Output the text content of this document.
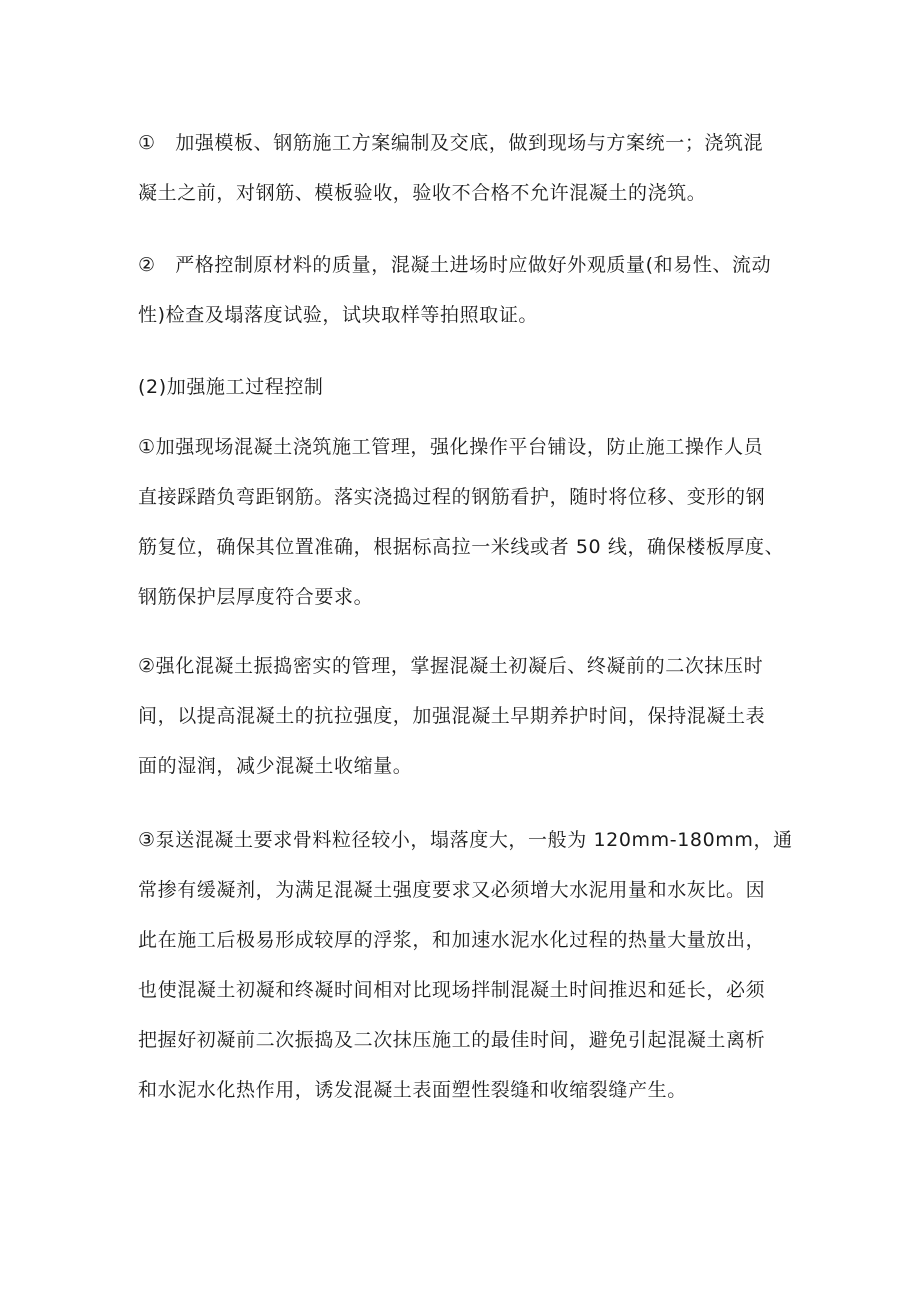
①　加强模板、钢筋施工方案编制及交底，做到现场与方案统一；浇筑混
凝土之前，对钢筋、模板验收，验收不合格不允许混凝土的浇筑。
②　严格控制原材料的质量，混凝土进场时应做好外观质量(和易性、流动
性)检查及塌落度试验，试块取样等拍照取证。
(2)加强施工过程控制
①加强现场混凝土浇筑施工管理，强化操作平台铺设，防止施工操作人员
直接踩踏负弯距钢筋。落实浇捣过程的钢筋看护，随时将位移、变形的钢
筋复位，确保其位置准确，根据标高拉一米线或者 50 线，确保楼板厚度、
钢筋保护层厚度符合要求。
②强化混凝土振捣密实的管理，掌握混凝土初凝后、终凝前的二次抹压时
间，以提高混凝土的抗拉强度，加强混凝土早期养护时间，保持混凝土表
面的湿润，减少混凝土收缩量。
③泵送混凝土要求骨料粒径较小，塌落度大，一般为 120mm-180mm，通
常掺有缓凝剂，为满足混凝土强度要求又必须增大水泥用量和水灰比。因
此在施工后极易形成较厚的浮浆，和加速水泥水化过程的热量大量放出，
也使混凝土初凝和终凝时间相对比现场拌制混凝土时间推迟和延长，必须
把握好初凝前二次振捣及二次抹压施工的最佳时间，避免引起混凝土离析
和水泥水化热作用，诱发混凝土表面塑性裂缝和收缩裂缝产生。
